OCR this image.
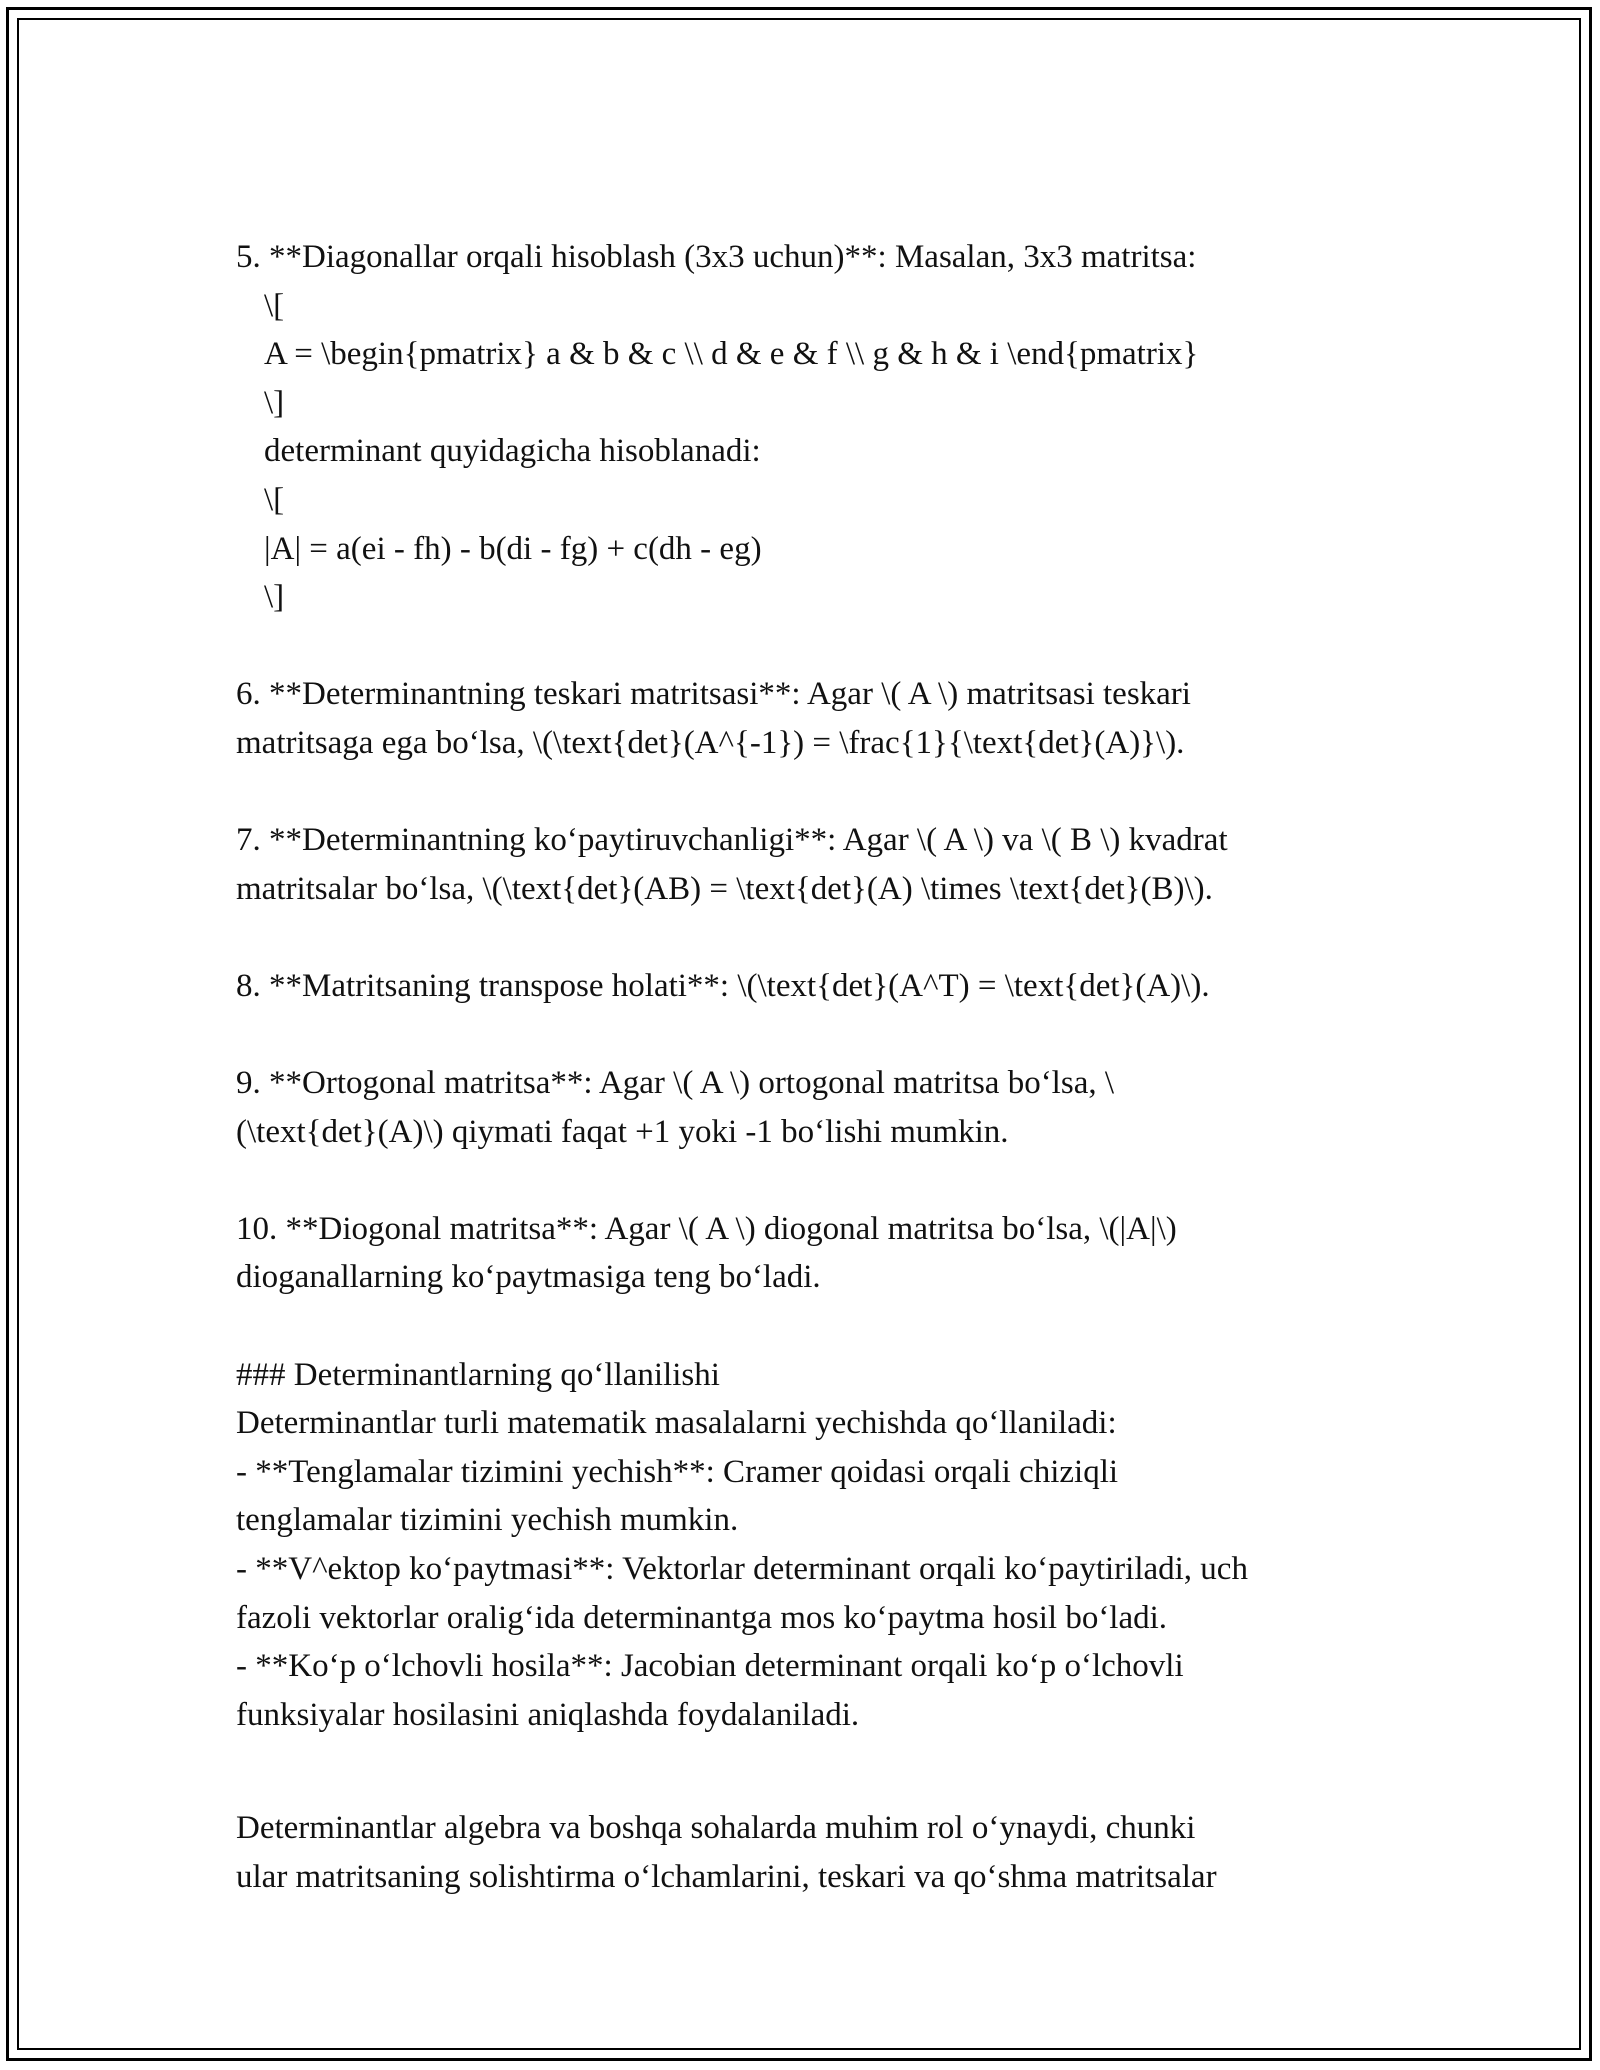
5. **Diagonallar orqali hisoblash (3x3 uchun)**: Masalan, 3x3 matritsa:
\[
A = \begin{pmatrix} a & b & c \\ d & e & f \\ g & h & i \end{pmatrix}
\]
determinant quyidagicha hisoblanadi:
\[
|A| = a(ei - fh) - b(di - fg) + c(dh - eg)
\]
6. **Determinantning teskari matritsasi**: Agar \( A \) matritsasi teskari
matritsaga ega bo‘lsa, \(\text{det}(A^{-1}) = \frac{1}{\text{det}(A)}\).
7. **Determinantning ko‘paytiruvchanligi**: Agar \( A \) va \( B \) kvadrat
matritsalar bo‘lsa, \(\text{det}(AB) = \text{det}(A) \times \text{det}(B)\).
8. **Matritsaning transpose holati**: \(\text{det}(A^T) = \text{det}(A)\).
9. **Ortogonal matritsa**: Agar \( A \) ortogonal matritsa bo‘lsa, \
(\text{det}(A)\) qiymati faqat +1 yoki -1 bo‘lishi mumkin.
10. **Diogonal matritsa**: Agar \( A \) diogonal matritsa bo‘lsa, \(|A|\)
dioganallarning ko‘paytmasiga teng bo‘ladi.
### Determinantlarning qo‘llanilishi
Determinantlar turli matematik masalalarni yechishda qo‘llaniladi:
- **Tenglamalar tizimini yechish**: Cramer qoidasi orqali chiziqli
tenglamalar tizimini yechish mumkin.
- **V^ektop ko‘paytmasi**: Vektorlar determinant orqali ko‘paytiriladi, uch
fazoli vektorlar oralig‘ida determinantga mos ko‘paytma hosil bo‘ladi.
- **Ko‘p o‘lchovli hosila**: Jacobian determinant orqali ko‘p o‘lchovli
funksiyalar hosilasini aniqlashda foydalaniladi.
Determinantlar algebra va boshqa sohalarda muhim rol o‘ynaydi, chunki
ular matritsaning solishtirma o‘lchamlarini, teskari va qo‘shma matritsalar
